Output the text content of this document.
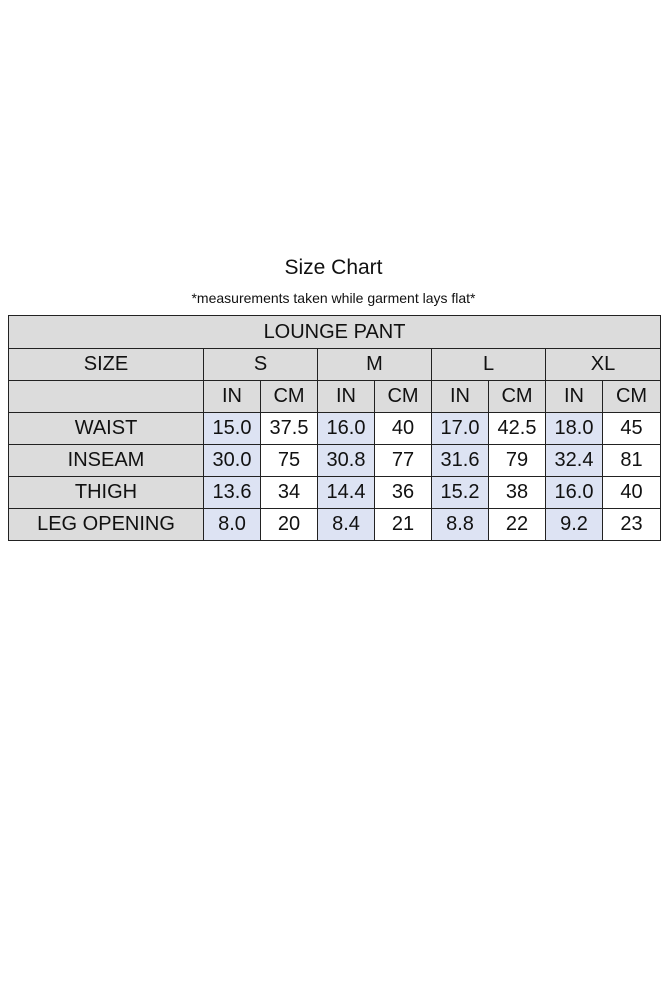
Size Chart
*measurements taken while garment lays flat*
LOUNGE PANT								
SIZE	S		M		L		XL	
	IN	CM	IN	CM	IN	CM	IN	CM
WAIST	15.0	37.5	16.0	40	17.0	42.5	18.0	45
INSEAM	30.0	75	30.8	77	31.6	79	32.4	81
THIGH	13.6	34	14.4	36	15.2	38	16.0	40
LEG OPENING	8.0	20	8.4	21	8.8	22	9.2	23
